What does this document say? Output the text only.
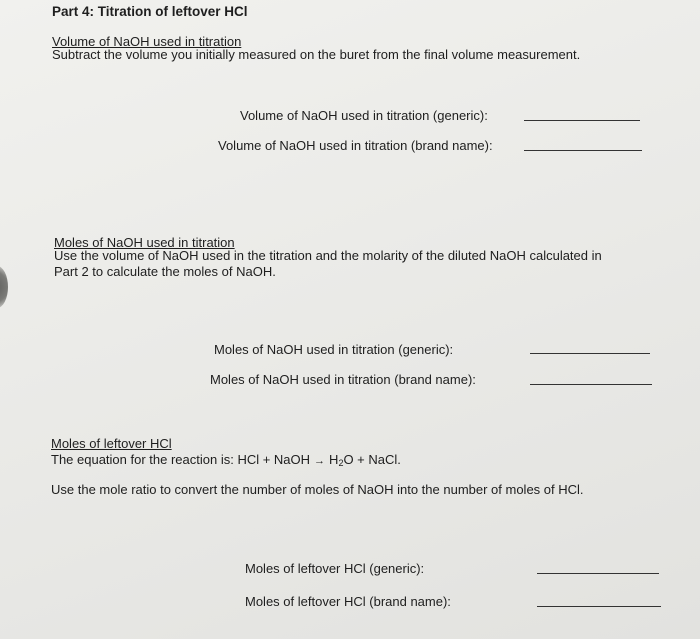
Part 4: Titration of leftover HCl
Volume of NaOH used in titration
Subtract the volume you initially measured on the buret from the final volume measurement.
Volume of NaOH used in titration (generic):
Volume of NaOH used in titration (brand name):
Moles of NaOH used in titration
Use the volume of NaOH used in the titration and the molarity of the diluted NaOH calculated in
Part 2 to calculate the moles of NaOH.
Moles of NaOH used in titration (generic):
Moles of NaOH used in titration (brand name):
Moles of leftover HCl
The equation for the reaction is: HCl + NaOH → $H_2O$ + NaCl.
Use the mole ratio to convert the number of moles of NaOH into the number of moles of HCl.
Moles of leftover HCl (generic):
Moles of leftover HCl (brand name):
